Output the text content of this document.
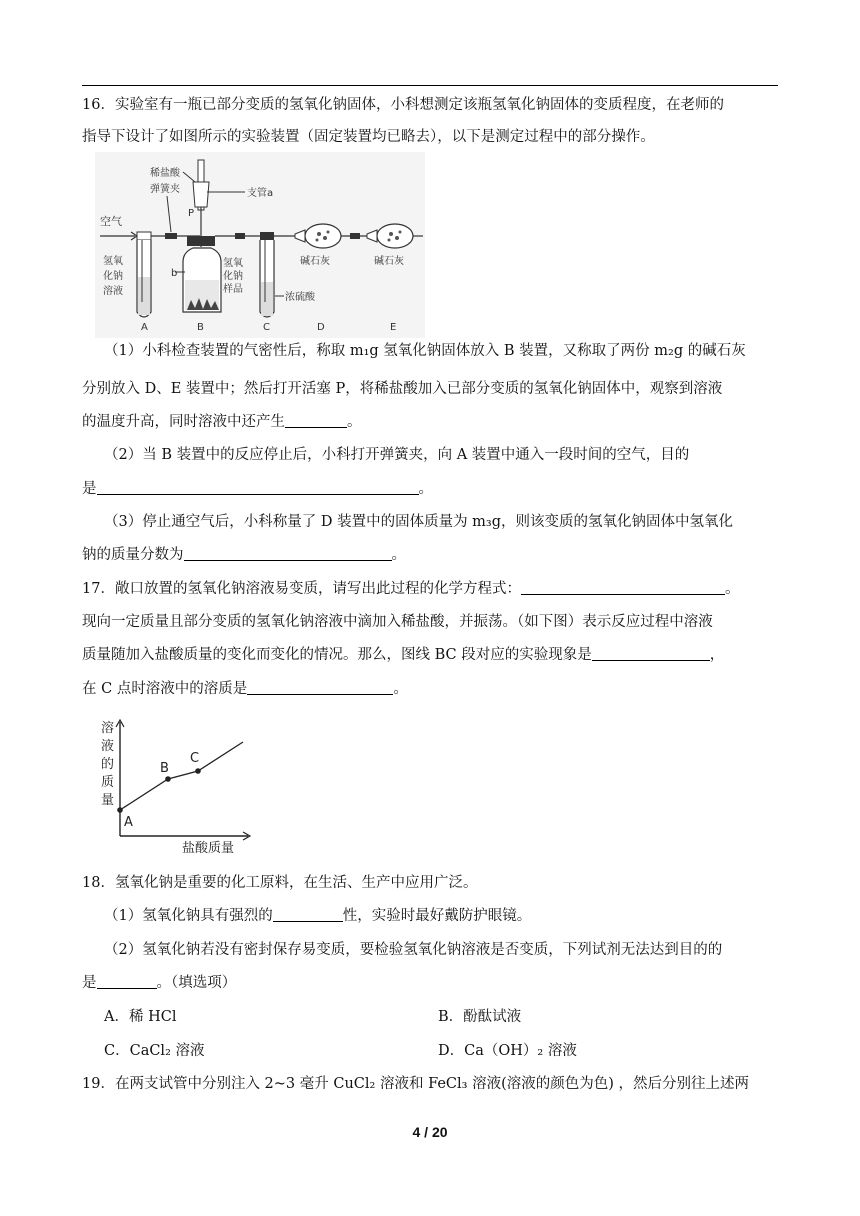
16．实验室有一瓶已部分变质的氢氧化钠固体，小科想测定该瓶氢氧化钠固体的变质程度，在老师的
指导下设计了如图所示的实验装置（固定装置均已略去），以下是测定过程中的部分操作。
空气
稀盐酸
弹簧夹	支管a
P
b
氢 氧
化钠
溶液
氢 氧
化 钠
样 品
浓硫酸
碱石灰	碱石灰
A	B	C	D	E
（1）小科检查装置的气密性后，称取 m₁g 氢氧化钠固体放入 B 装置，又称取了两份 m₂g 的碱石灰
分别放入 D、E 装置中；然后打开活塞 P，将稀盐酸加入已部分变质的氢氧化钠固体中，观察到溶液
的温度升高，同时溶液中还产生	。
（2）当 B 装置中的反应停止后，小科打开弹簧夹，向 A 装置中通入一段时间的空气，目的
是	。
（3）停止通空气后，小科称量了 D 装置中的固体质量为 m₃g，则该变质的氢氧化钠固体中氢氧化
钠的质量分数为	。
17．敞口放置的氢氧化钠溶液易变质，请写出此过程的化学方程式：	。
现向一定质量且部分变质的氢氧化钠溶液中滴加入稀盐酸，并振荡。（如下图）表示反应过程中溶液
质量随加入盐酸质量的变化而变化的情况。那么，图线 BC 段对应的实验现象是	，
在 C 点时溶液中的溶质是	。
A
B
C
溶
液
的
质
量
盐酸质量
18．氢氧化钠是重要的化工原料，在生活、生产中应用广泛。
（1）氢氧化钠具有强烈的	性，实验时最好戴防护眼镜。
（2）氢氧化钠若没有密封保存易变质，要检验氢氧化钠溶液是否变质，下列试剂无法达到目的的
是	。（填选项）
A．稀 HCl	B．酚酞试液
C．CaCl₂ 溶液	D．Ca（OH）₂ 溶液
19．在两支试管中分别注入 2~3 毫升 CuCl₂ 溶液和 FeCl₃ 溶液(溶液的颜色为色) ，然后分别往上述两
4 / 20
